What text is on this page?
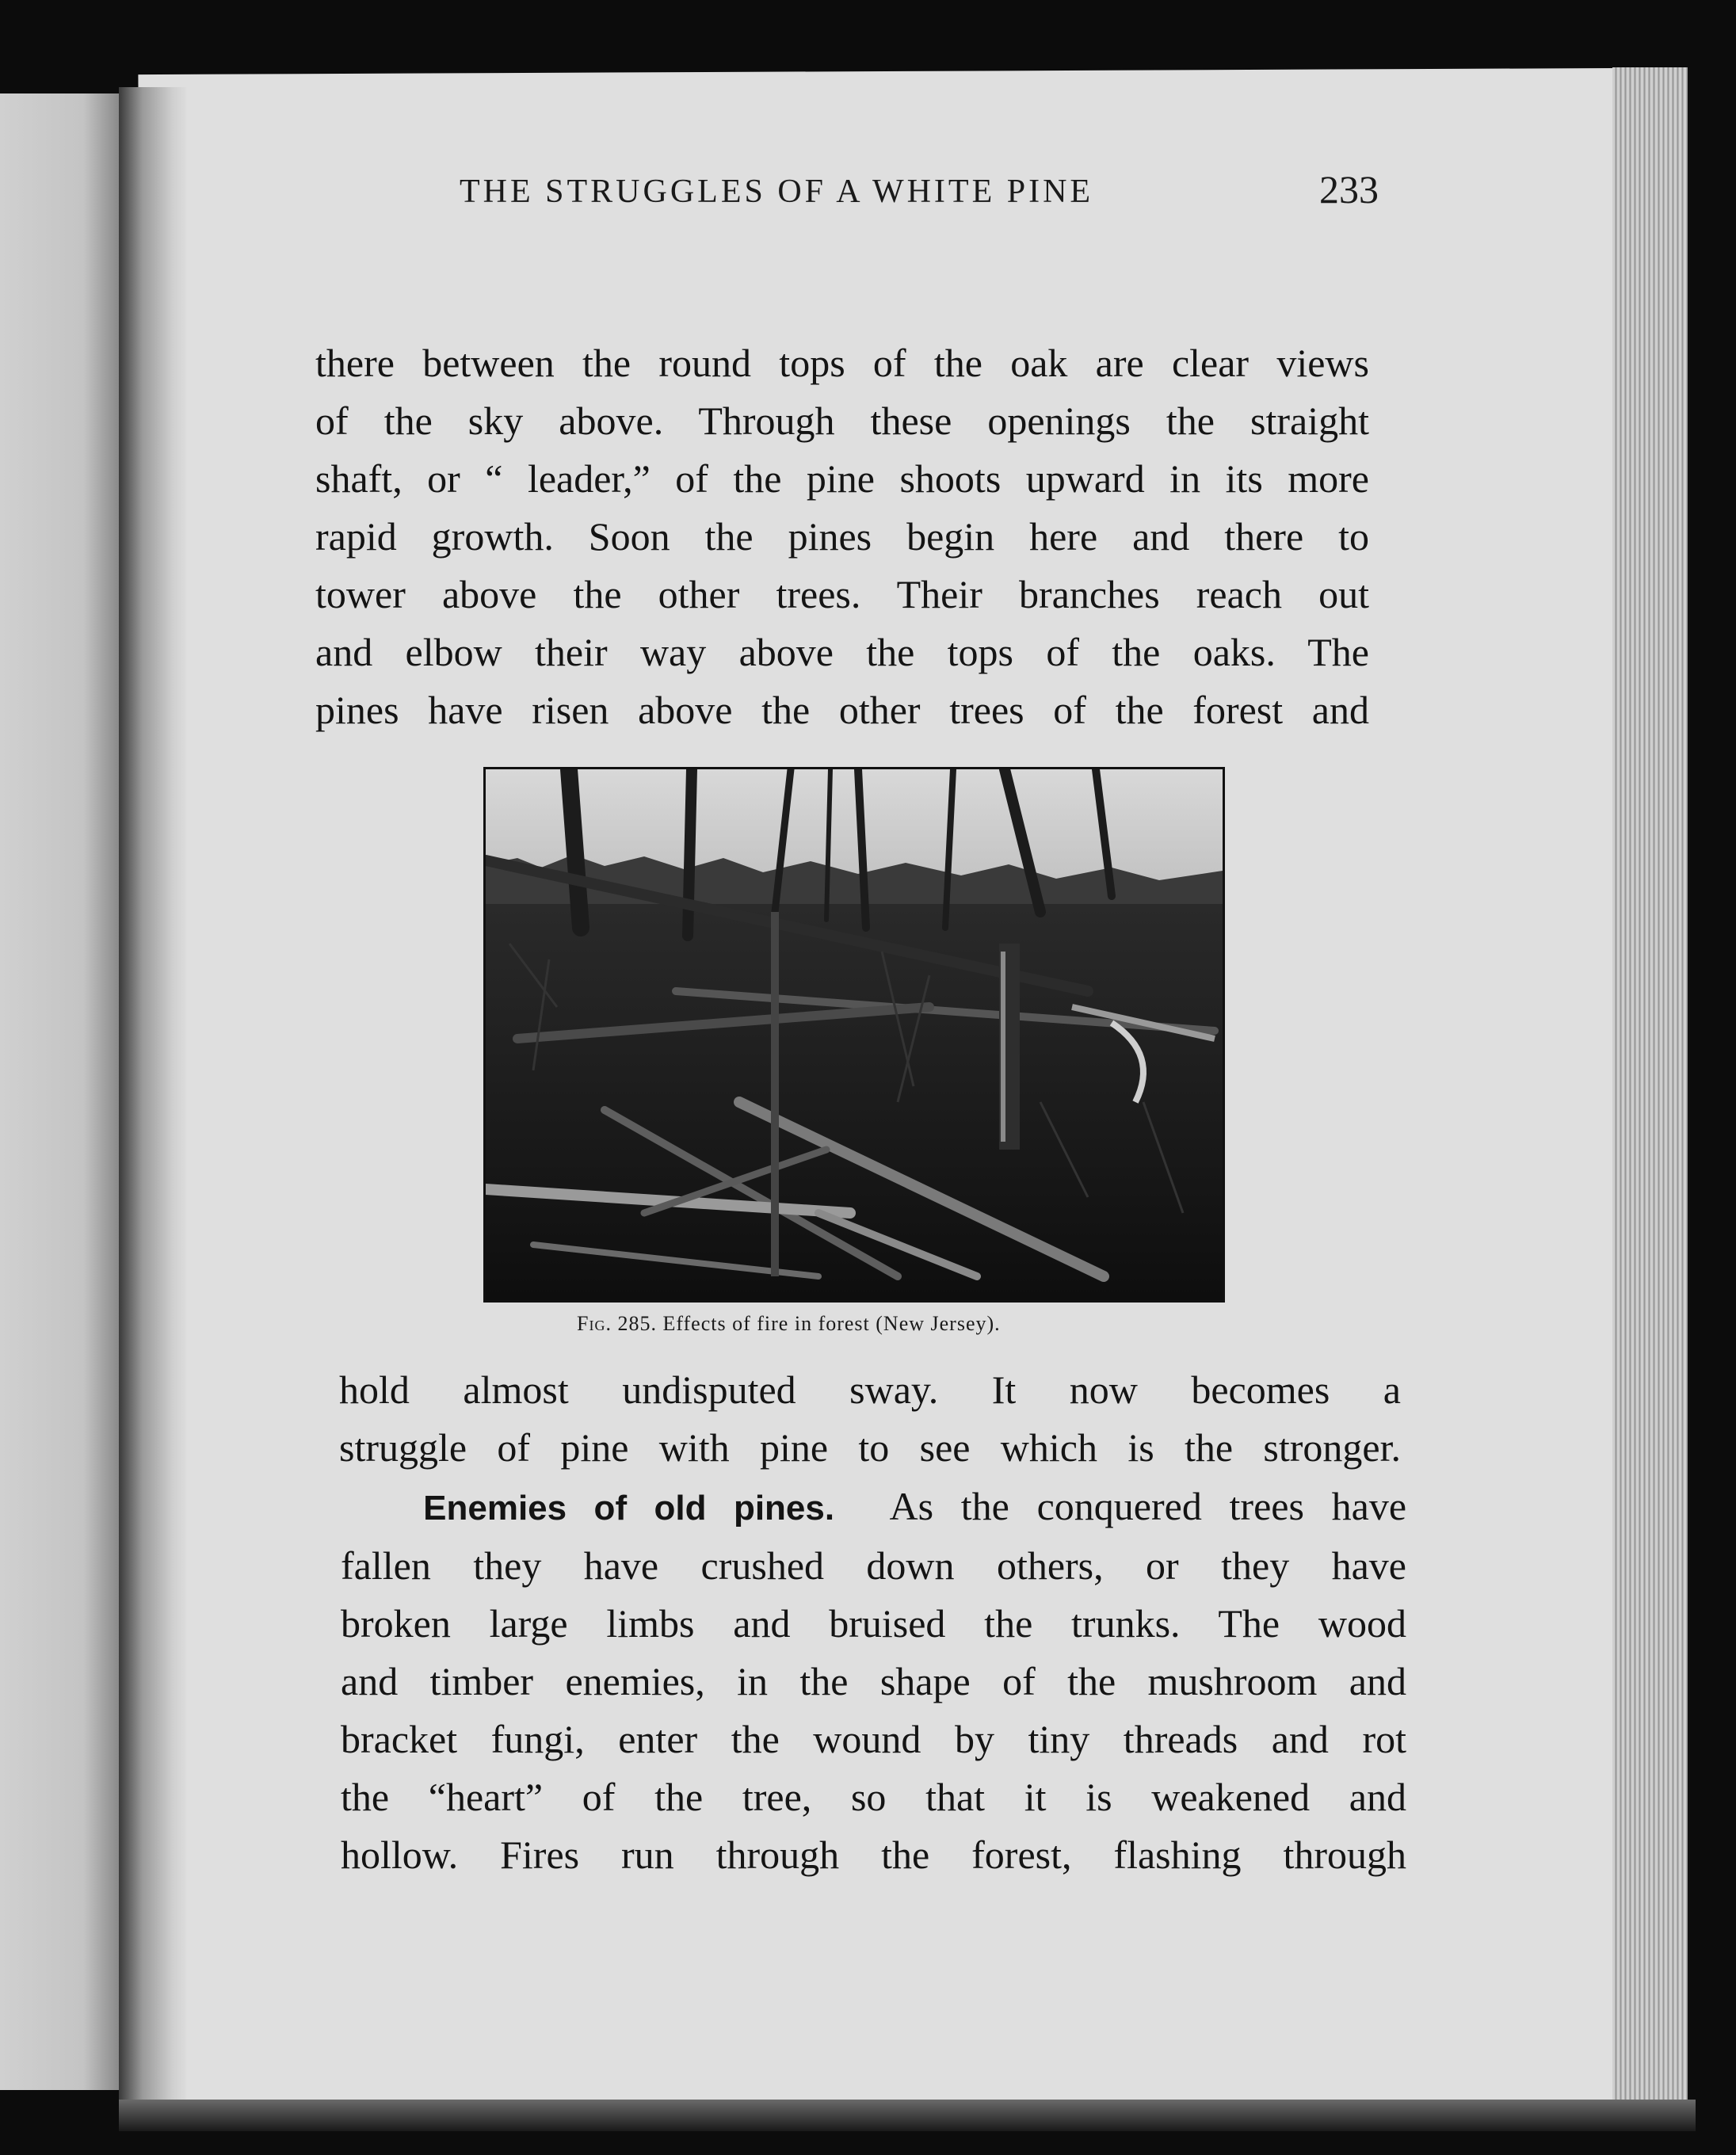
THE STRUGGLES OF A WHITE PINE	233
there between the round tops of the oak are clear views
of the sky above. Through these openings the straight
shaft, or “ leader,” of the pine shoots upward in its more
rapid growth. Soon the pines begin here and there to
tower above the other trees. Their branches reach out
and elbow their way above the tops of the oaks. The
pines have risen above the other trees of the forest and
Fig. 285. Effects of fire in forest (New Jersey).
hold almost undisputed sway. It now becomes a
struggle of pine with pine to see which is the stronger.
Enemies of old pines. As the conquered trees have
fallen they have crushed down others, or they have
broken large limbs and bruised the trunks. The wood
and timber enemies, in the shape of the mushroom and
bracket fungi, enter the wound by tiny threads and rot
the “heart” of the tree, so that it is weakened and
hollow. Fires run through the forest, flashing through
